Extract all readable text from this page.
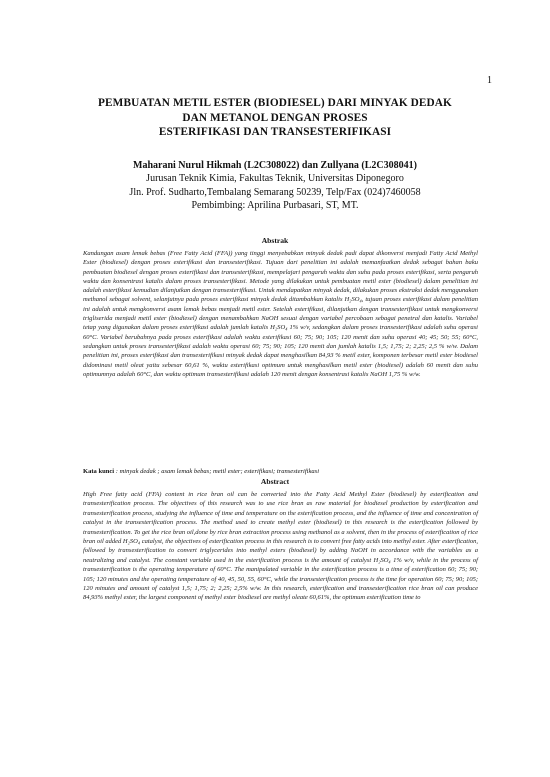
1
PEMBUATAN METIL ESTER (BIODIESEL) DARI MINYAK DEDAK
DAN METANOL DENGAN PROSES
ESTERIFIKASI DAN TRANSESTERIFIKASI
Maharani Nurul Hikmah (L2C308022) dan Zullyana (L2C308041)
Jurusan Teknik Kimia, Fakultas Teknik, Universitas Diponegoro
Jln. Prof. Sudharto,Tembalang Semarang 50239, Telp/Fax (024)7460058
Pembimbing: Aprilina Purbasari, ST, MT.
Abstrak
Kandungan asam lemak bebas (Free Fatty Acid (FFA)) yang tinggi menyebabkan minyak dedak padi dapat dikonversi menjadi Fatty Acid Methyl Ester (biodiesel) dengan proses esterifikasi dan transesterifikasi. Tujuan dari penelitian ini adalah memanfaatkan dedak sebagai bahan baku pembuatan biodiesel dengan proses esterifikasi dan transesterifikasi, mempelajari pengaruh waktu dan suhu pada proses esterifikasi, serta pengaruh waktu dan konsentrasi katalis dalam proses transesterifikasi. Metode yang dilakukan untuk pembuatan metil ester (biodiesel) dalam penelitian ini adalah esterifikasi kemudian dilanjutkan dengan transesterifikasi. Untuk mendapatkan minyak dedak, dilakukan proses ekstraksi dedak menggunakan methanol sebagai solvent, selanjutnya pada proses esterifikasi minyak dedak ditambahkan katalis H₂SO₄, tujuan proses esterifikasi dalam penelitian ini adalah untuk mengkonversi asam lemak bebas menjadi metil ester. Setelah esterifikasi, dilanjutkan dengan transesterifikasi untuk mengkonversi trigliserida menjadi metil ester (biodiesel) dengan menambahkan NaOH sesuai dengan variabel percobaan sebagai penetral dan katalis. Variabel tetap yang digunakan dalam proses esterifikasi adalah jumlah katalis H₂SO₄ 1% w/v, sedangkan dalam proses transesterifikasi adalah suhu operasi 60°C. Variabel berubahnya pada proses esterifikasi adalah waktu esterifikasi 60; 75; 90; 105; 120 menit dan suhu operasi 40; 45; 50; 55; 60°C, sedangkan untuk proses transesterifikasi adalah waktu operasi 60; 75; 90; 105; 120 menit dan jumlah katalis 1,5; 1,75; 2; 2,25; 2,5 % w/w. Dalam penelitian ini, proses esterifikasi dan transesterifikasi minyak dedak dapat menghasilkan 84,93 % metil ester, komponen terbesar metil ester biodiesel didominasi metil oleat yaitu sebesar 60,61 %, waktu esterifikasi optimum untuk menghasilkan metil ester (biodiesel) adalah 60 menit dan suhu optimumnya adalah 60°C, dan waktu optimum transesterifikasi adalah 120 menit dengan konsentrasi katalis NaOH 1,75 % w/w.
Kata kunci : minyak dedak ; asam lemak bebas; metil ester; esterifikasi; transesterifikasi
Abstract
High Free fatty acid (FFA) content in rice bran oil can be converted into the Fatty Acid Methyl Ester (biodiesel) by esterification and transesterification process. The objectives of this research was to use rice bran as raw material for biodiesel production by esterification and transesterification process, studying the influence of time and temperature on the esterification process, and the influence of time and concentration of catalyst in the transesterification process. The method used to create methyl ester (biodiesel) in this research is the esterification followed by transesterification. To get the rice bran oil,done by rice bran extraction process using methanol as a solvent, then in the process of esterification of rice bran oil added H₂SO₄ catalyst, the objectives of esterification process in this research is to convert free fatty acids into methyl ester. After esterification, followed by transesterification to convert triglycerides into methyl esters (biodiesel) by adding NaOH in accordance with the variables as a neutralizing and catalyst. The constant variable used in the esterification process is the amount of catalyst H₂SO₄ 1% w/v, while in the process of transesterification is the operating temperature of 60°C. The manipulated variable in the esterification process is a time of esterification 60; 75; 90; 105; 120 minutes and the operating temperature of 40, 45, 50, 55, 60°C, while the transesterification process is the time for operation 60; 75; 90; 105; 120 minutes and amount of catalyst 1,5; 1,75; 2; 2,25; 2,5% w/w. In this research, esterification and transesterification rice bran oil can produce 84,93% methyl ester, the largest component of methyl ester biodiesel are methyl oleate 60,61%, the optimum esterification time to
